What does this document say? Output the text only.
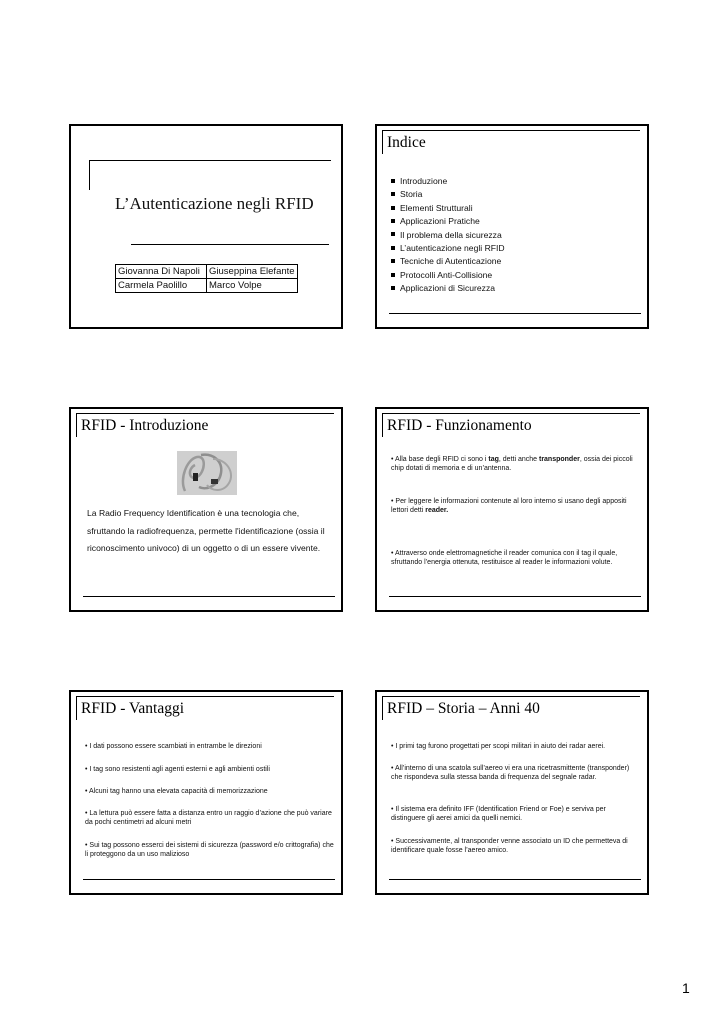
L’Autenticazione negli RFID
Giovanna Di Napoli	Giuseppina Elefante
Carmela Paolillo	Marco Volpe
Indice
Introduzione
Storia
Elementi Strutturali
Applicazioni Pratiche
Il problema della sicurezza
L’autenticazione negli RFID
Tecniche di Autenticazione
Protocolli Anti-Collisione
Applicazioni di Sicurezza
RFID - Introduzione
La Radio Frequency Identification è una tecnologia che, sfruttando la radiofrequenza, permette l'identificazione (ossia il riconoscimento univoco) di un oggetto o di un essere vivente.
RFID - Funzionamento
• Alla base degli RFID ci sono i tag, detti anche transponder, ossia dei piccoli chip dotati di memoria e di un’antenna.
• Per leggere le informazioni contenute al loro interno si usano degli appositi lettori detti reader.
• Attraverso onde elettromagnetiche il reader comunica con il tag il quale, sfruttando l’energia ottenuta, restituisce al reader le informazioni volute.
RFID - Vantaggi
• I dati possono essere scambiati in entrambe le direzioni
• I tag sono resistenti agli agenti esterni e agli ambienti ostili
• Alcuni tag hanno una elevata capacità di memorizzazione
• La lettura può essere fatta a distanza entro un raggio d’azione che può variare da pochi centimetri ad alcuni metri
• Sui tag possono esserci dei sistemi di sicurezza (password e/o crittografia) che li proteggono da un uso malizioso
RFID – Storia – Anni 40
• I primi tag furono progettati per scopi militari in aiuto dei radar aerei.
• All’interno di una scatola sull’aereo vi era una ricetrasmittente (transponder) che rispondeva sulla stessa banda di frequenza del segnale radar.
• Il sistema era definito IFF (Identification Friend or Foe) e serviva per distinguere gli aerei amici da quelli nemici.
• Successivamente, al transponder venne associato un ID che permetteva di identificare quale fosse l’aereo amico.
1
